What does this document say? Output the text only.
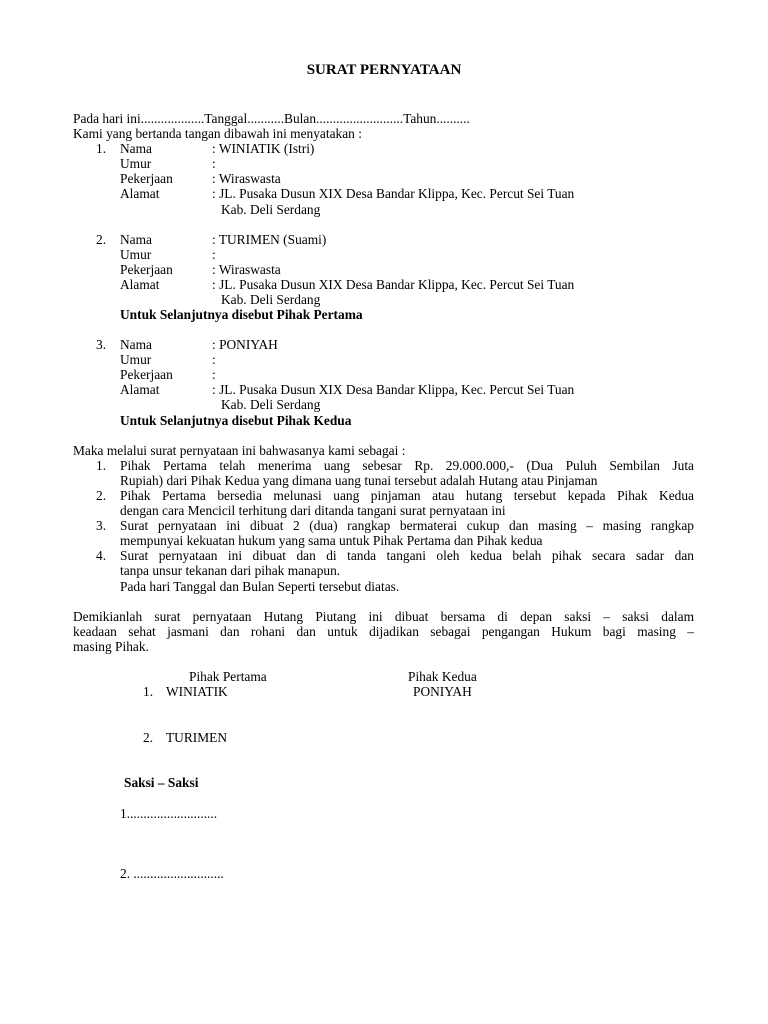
SURAT PERNYATAAN
Pada hari ini...................Tanggal...........Bulan..........................Tahun..........
Kami yang bertanda tangan dibawah ini menyatakan :
1. Nama	: WINIATIK (Istri)
Umur	:
Pekerjaan	: Wiraswasta
Alamat	: JL. Pusaka Dusun XIX Desa Bandar Klippa, Kec. Percut Sei Tuan
Kab. Deli Serdang
2. Nama	: TURIMEN (Suami)
Umur	:
Pekerjaan	: Wiraswasta
Alamat	: JL. Pusaka Dusun XIX Desa Bandar Klippa, Kec. Percut Sei Tuan
Kab. Deli Serdang
Untuk Selanjutnya disebut Pihak Pertama
3. Nama	: PONIYAH
Umur	:
Pekerjaan	:
Alamat	: JL. Pusaka Dusun XIX Desa Bandar Klippa, Kec. Percut Sei Tuan
Kab. Deli Serdang
Untuk Selanjutnya disebut Pihak Kedua
Maka melalui surat pernyataan ini bahwasanya kami sebagai :
1. Pihak Pertama telah menerima uang sebesar Rp. 29.000.000,- (Dua Puluh Sembilan Juta
Rupiah) dari Pihak Kedua yang dimana uang tunai tersebut adalah Hutang atau Pinjaman
2. Pihak Pertama bersedia melunasi uang pinjaman atau hutang tersebut kepada Pihak Kedua
dengan cara Mencicil terhitung dari ditanda tangani surat pernyataan ini
3. Surat pernyataan ini dibuat 2 (dua) rangkap bermaterai cukup dan masing – masing rangkap
mempunyai kekuatan hukum yang sama untuk Pihak Pertama dan Pihak kedua
4. Surat pernyataan ini dibuat dan di tanda tangani oleh kedua belah pihak secara sadar dan
tanpa unsur tekanan dari pihak manapun.
Pada hari Tanggal dan Bulan Seperti tersebut diatas.
Demikianlah surat pernyataan Hutang Piutang ini dibuat bersama di depan saksi – saksi dalam
keadaan sehat jasmani dan rohani dan untuk dijadikan sebagai pengangan Hukum bagi masing –
masing Pihak.
Pihak Pertama	Pihak Kedua
1. WINIATIK	PONIYAH
2. TURIMEN
Saksi – Saksi
1...........................
2. ...........................
